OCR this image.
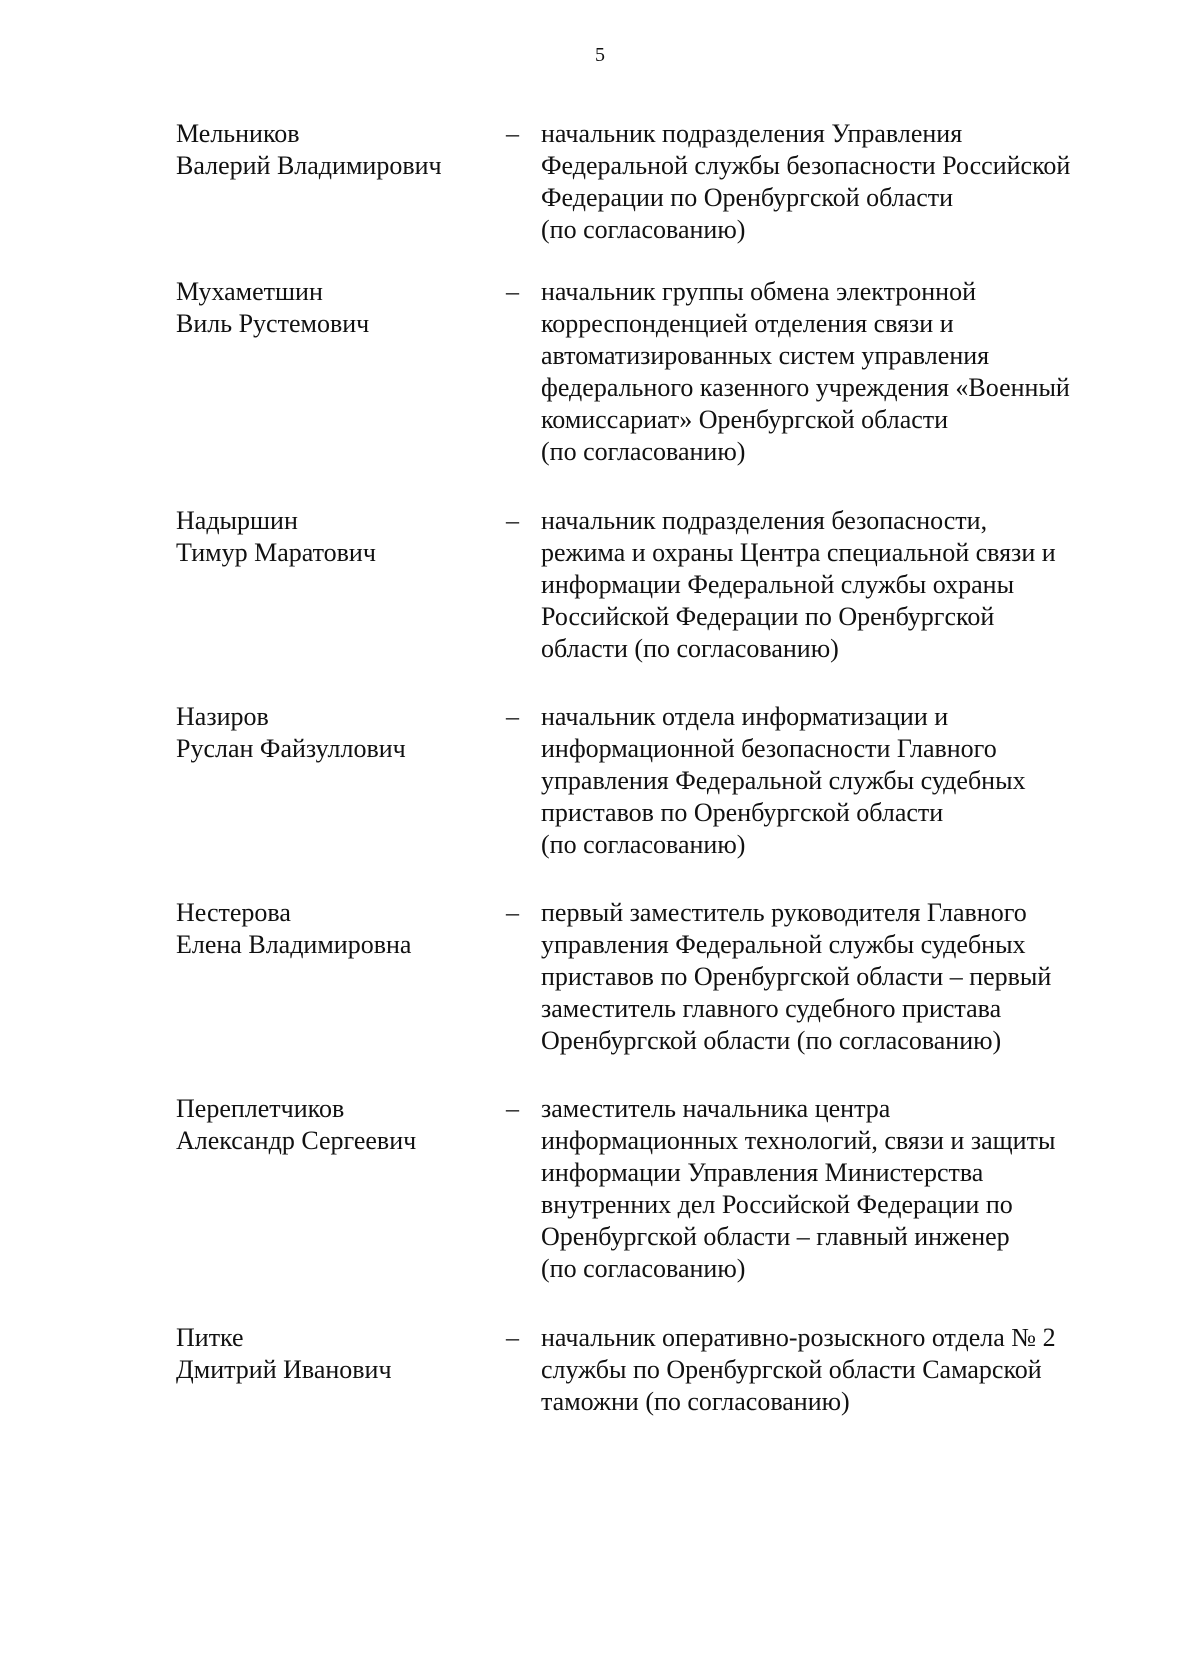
5
Мельников
Валерий Владимирович
– начальник подразделения Управления
Федеральной службы безопасности Российской
Федерации по Оренбургской области
(по согласованию)
Мухаметшин
Виль Рустемович
– начальник группы обмена электронной
корреспонденцией отделения связи и
автоматизированных систем управления
федерального казенного учреждения «Военный
комиссариат» Оренбургской области
(по согласованию)
Надыршин
Тимур Маратович
– начальник подразделения безопасности,
режима и охраны Центра специальной связи и
информации Федеральной службы охраны
Российской Федерации по Оренбургской
области (по согласованию)
Назиров
Руслан Файзуллович
– начальник отдела информатизации и
информационной безопасности Главного
управления Федеральной службы судебных
приставов по Оренбургской области
(по согласованию)
Нестерова
Елена Владимировна
– первый заместитель руководителя Главного
управления Федеральной службы судебных
приставов по Оренбургской области – первый
заместитель главного судебного пристава
Оренбургской области (по согласованию)
Переплетчиков
Александр Сергеевич
– заместитель начальника центра
информационных технологий, связи и защиты
информации Управления Министерства
внутренних дел Российской Федерации по
Оренбургской области – главный инженер
(по согласованию)
Питке
Дмитрий Иванович
– начальник оперативно-розыскного отдела № 2
службы по Оренбургской области Самарской
таможни (по согласованию)
